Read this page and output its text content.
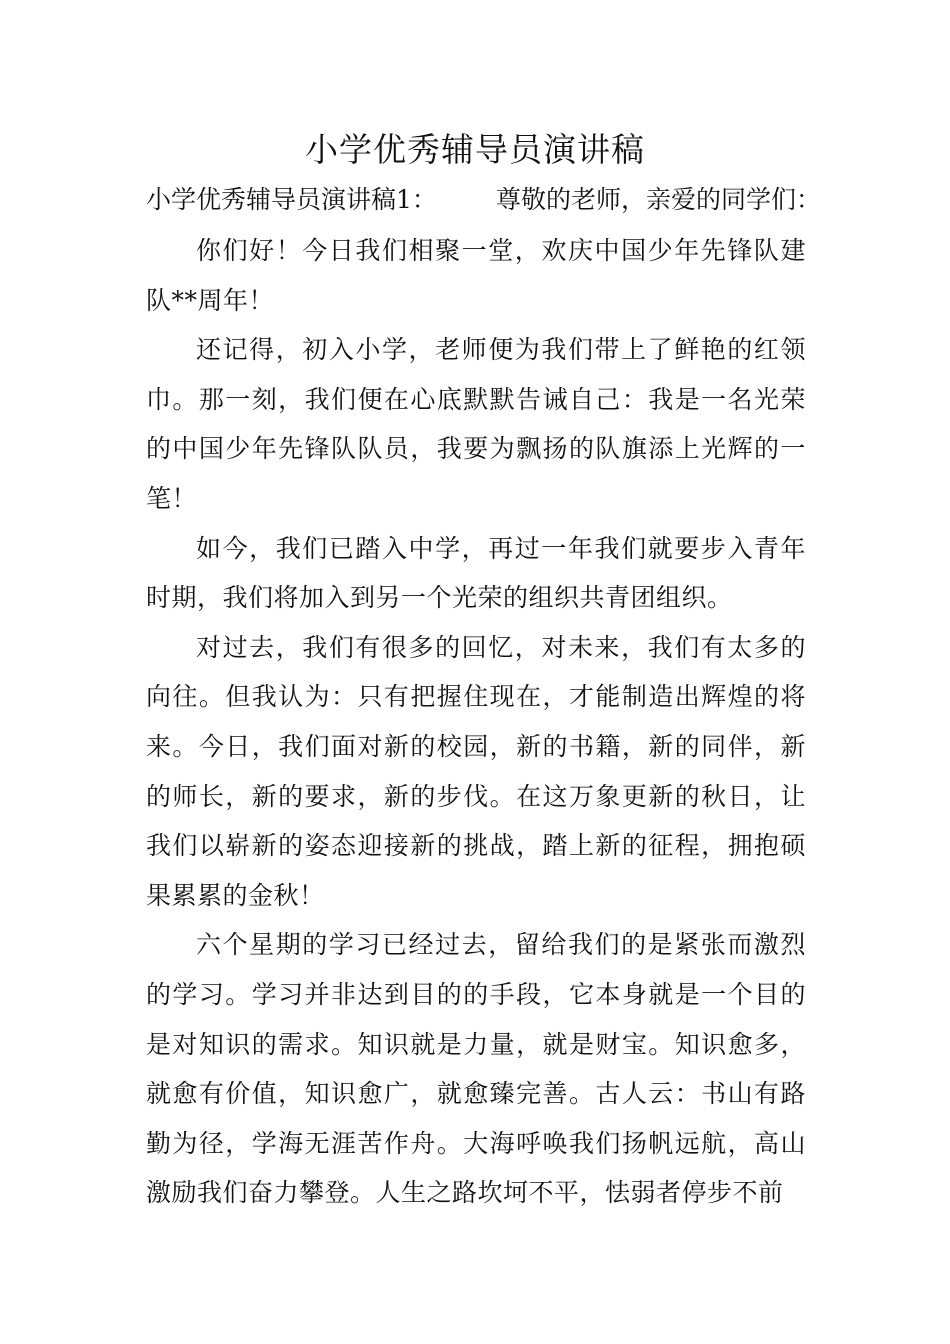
小学优秀辅导员演讲稿
小学优秀辅导员演讲稿1： 尊敬的老师，亲爱的同学们：

你们好！今日我们相聚一堂，欢庆中国少年先锋队建队**周年！

还记得，初入小学，老师便为我们带上了鲜艳的红领巾。那一刻，我们便在心底默默告诫自己：我是一名光荣的中国少年先锋队队员，我要为飘扬的队旗添上光辉的一笔！

如今，我们已踏入中学，再过一年我们就要步入青年时期，我们将加入到另一个光荣的组织共青团组织。

对过去，我们有很多的回忆，对未来，我们有太多的向往。但我认为：只有把握住现在，才能制造出辉煌的将来。今日，我们面对新的校园，新的书籍，新的同伴，新的师长，新的要求，新的步伐。在这万象更新的秋日，让我们以崭新的姿态迎接新的挑战，踏上新的征程，拥抱硕果累累的金秋！

六个星期的学习已经过去，留给我们的是紧张而激烈的学习。学习并非达到目的的手段，它本身就是一个目的是对知识的需求。知识就是力量，就是财宝。知识愈多，就愈有价值，知识愈广，就愈臻完善。古人云：书山有路勤为径，学海无涯苦作舟。大海呼唤我们扬帆远航，高山激励我们奋力攀登。人生之路坎坷不平，怯弱者停步不前
